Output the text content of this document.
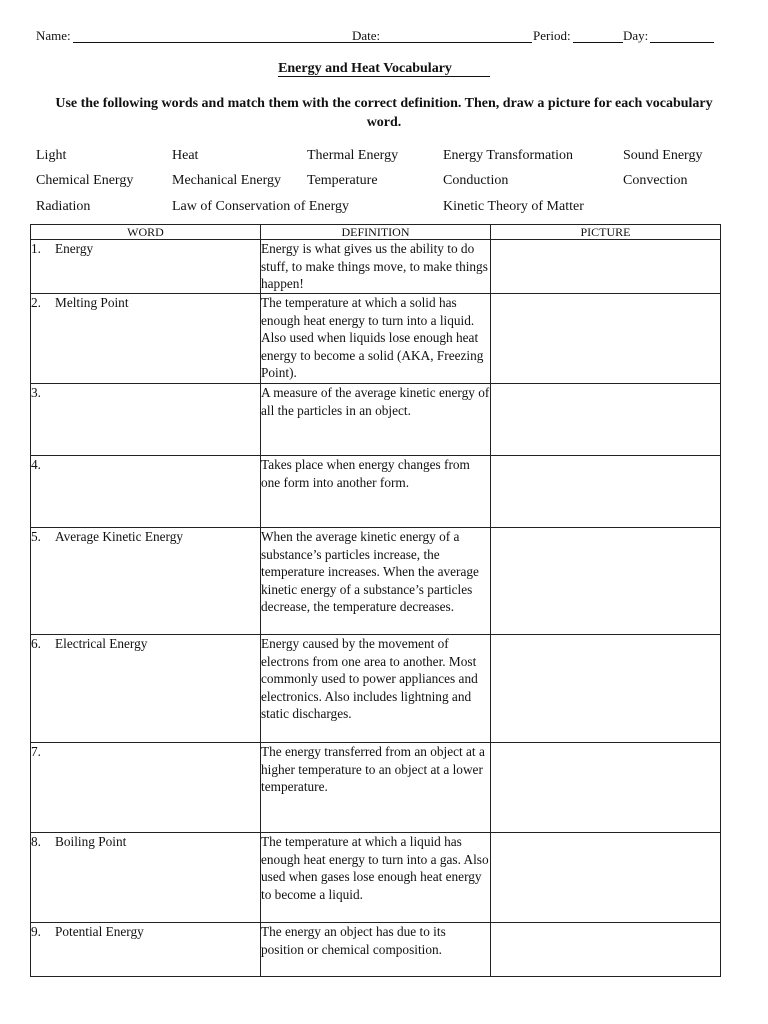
Name:	Date:	Period:	Day:
Energy and Heat Vocabulary
Use the following words and match them with the correct definition. Then, draw a picture for each vocabulary word.
Light	Heat	Thermal Energy	Energy Transformation	Sound Energy
Chemical Energy	Mechanical Energy Temperature	Conduction	Convection
Radiation	Law of Conservation of Energy	Kinetic Theory of Matter
WORD	DEFINITION	PICTURE
1. Energy	Energy is what gives us the ability to do stuff, to make things move, to make things happen!	
2. Melting Point	The temperature at which a solid has enough heat energy to turn into a liquid. Also used when liquids lose enough heat energy to become a solid (AKA, Freezing Point).	
3.	A measure of the average kinetic energy of all the particles in an object.	
4.	Takes place when energy changes from one form into another form.	
5. Average Kinetic Energy	When the average kinetic energy of a substance’s particles increase, the temperature increases. When the average kinetic energy of a substance’s particles decrease, the temperature decreases.	
6. Electrical Energy	Energy caused by the movement of electrons from one area to another. Most commonly used to power appliances and electronics. Also includes lightning and static discharges.	
7.	The energy transferred from an object at a higher temperature to an object at a lower temperature.	
8. Boiling Point	The temperature at which a liquid has enough heat energy to turn into a gas. Also used when gases lose enough heat energy to become a liquid.	
9. Potential Energy	The energy an object has due to its position or chemical composition.	
